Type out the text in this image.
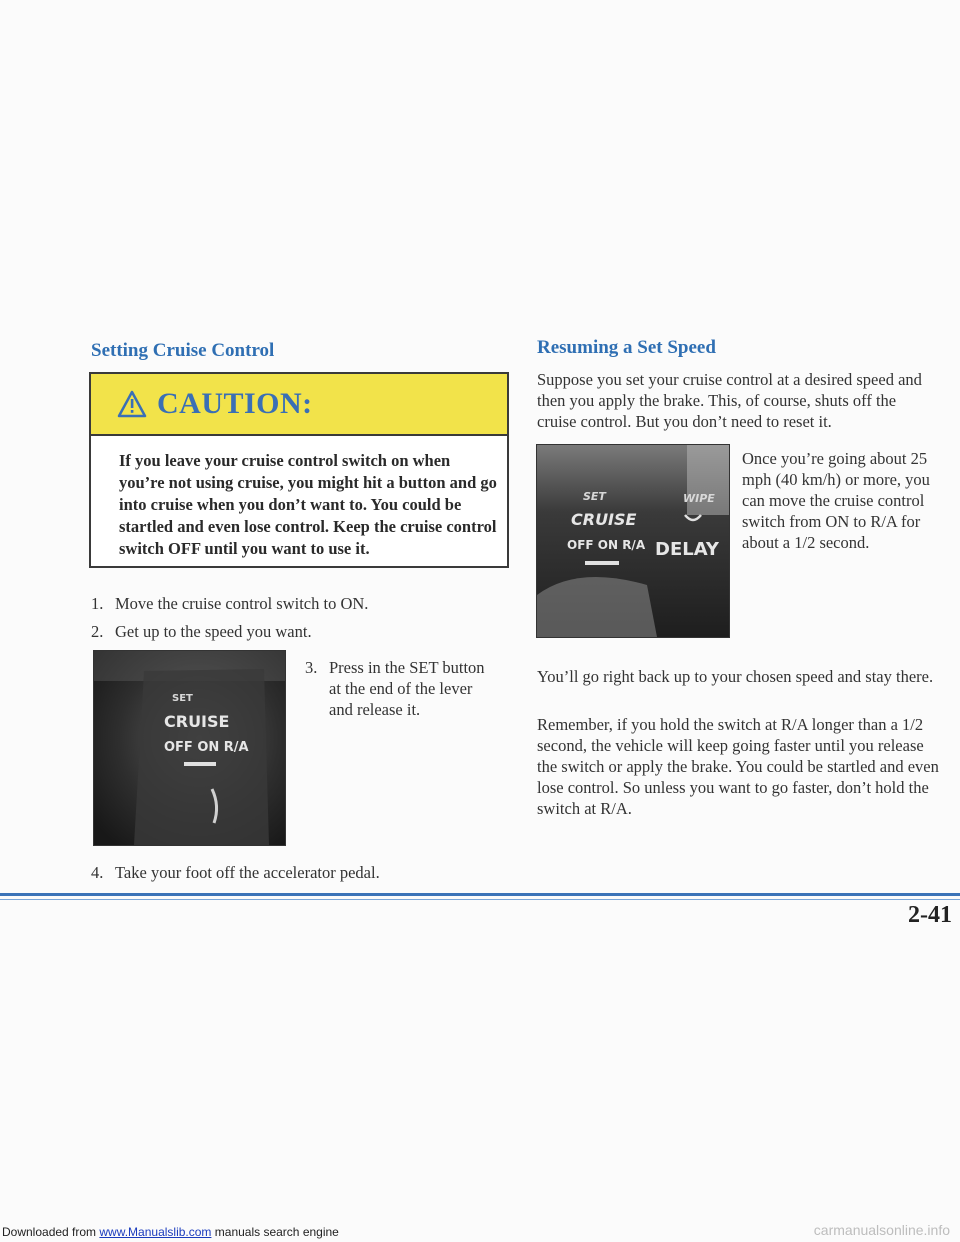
Setting Cruise Control
CAUTION:
If you leave your cruise control switch on when you’re not using cruise, you might hit a button and go into cruise when you don’t want to. You could be startled and even lose control. Keep the cruise control switch OFF until you want to use it.
1. Move the cruise control switch to ON.
2. Get up to the speed you want.
SET
CRUISE
OFF ON R/A
3. Press in the SET button at the end of the lever and release it.
4. Take your foot off the accelerator pedal.
Resuming a Set Speed
Suppose you set your cruise control at a desired speed and then you apply the brake. This, of course, shuts off the cruise control. But you don’t need to reset it.
SET	WIPE
CRUISE
OFF ON R/A DELAY
Once you’re going about 25 mph (40 km/h) or more, you can move the cruise control switch from ON to R/A for about a 1/2 second.
You’ll go right back up to your chosen speed and stay there.
Remember, if you hold the switch at R/A longer than a 1/2 second, the vehicle will keep going faster until you release the switch or apply the brake. You could be startled and even lose control. So unless you want to go faster, don’t hold the switch at R/A.
2-41
Downloaded from www.Manualslib.com manuals search engine	carmanualsonline.info
